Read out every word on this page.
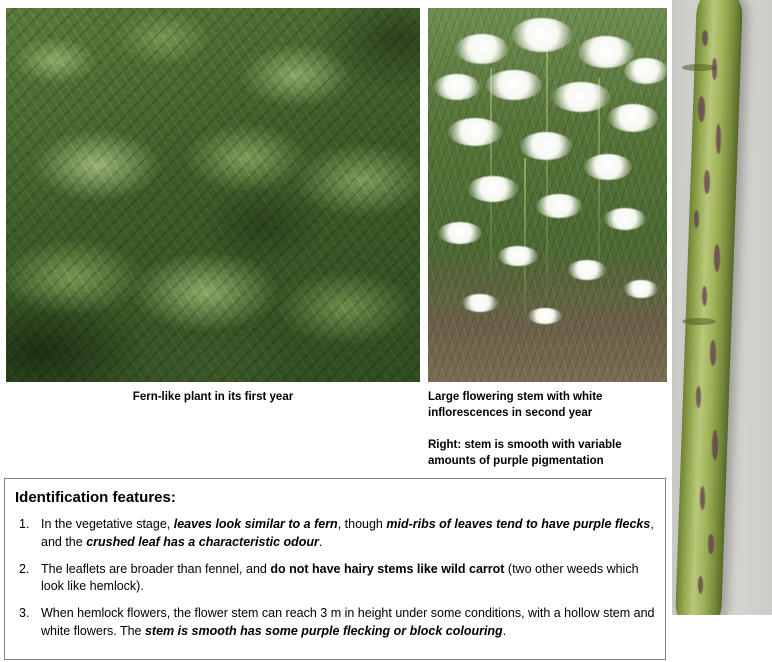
Fern-like plant in its first year	Large flowering stem with white inflorescences in second year
Right: stem is smooth with variable amounts of purple pigmentation
Identification features:
1. In the vegetative stage, leaves look similar to a fern, though mid-ribs of leaves tend to have purple flecks, and the crushed leaf has a characteristic odour.
2. The leaflets are broader than fennel, and do not have hairy stems like wild carrot (two other weeds which look like hemlock).
3. When hemlock flowers, the flower stem can reach 3 m in height under some conditions, with a hollow stem and white flowers. The stem is smooth has some purple flecking or block colouring.
